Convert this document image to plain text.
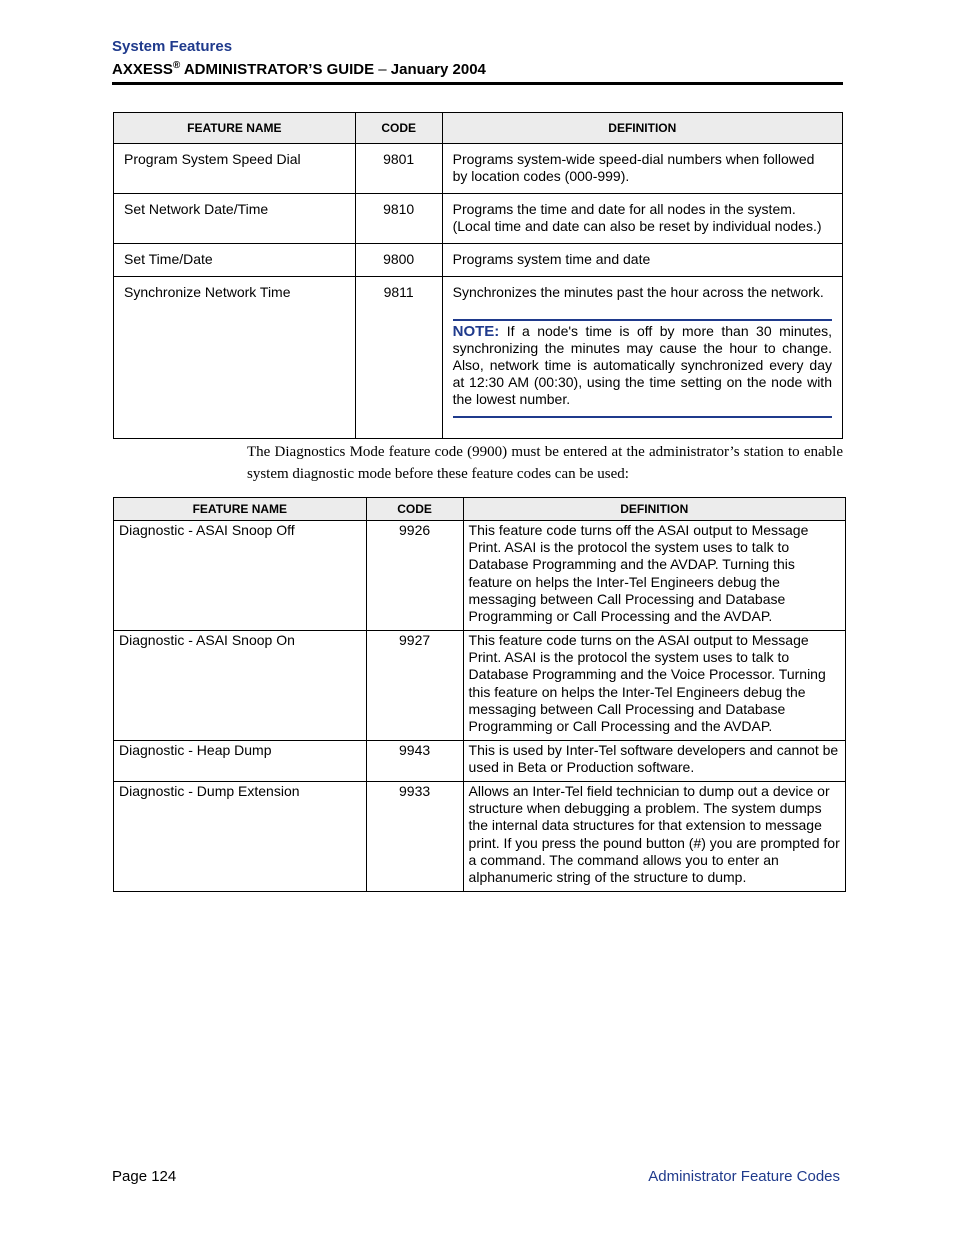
System Features
AXXESS® ADMINISTRATOR’S GUIDE – January 2004
FEATURE NAME	CODE	DEFINITION
Program System Speed Dial	9801	Programs system-wide speed-dial numbers when followed by location codes (000-999).
Set Network Date/Time	9810	Programs the time and date for all nodes in the system. (Local time and date can also be reset by individual nodes.)
Set Time/Date	9800	Programs system time and date
Synchronize Network Time	9811	Synchronizes the minutes past the hour across the network.
NOTE: If a node's time is off by more than 30 minutes, synchronizing the minutes may cause the hour to change. Also, network time is automatically synchronized every day at 12:30 AM (00:30), using the time setting on the node with the lowest number.
The Diagnostics Mode feature code (9900) must be entered at the administrator’s station to enable system diagnostic mode before these feature codes can be used:
FEATURE NAME	CODE	DEFINITION
Diagnostic - ASAI Snoop Off	9926	This feature code turns off the ASAI output to Message Print. ASAI is the protocol the system uses to talk to Database Programming and the AVDAP. Turning this feature on helps the Inter-Tel Engineers debug the messaging between Call Processing and Database Programming or Call Processing and the AVDAP.
Diagnostic - ASAI Snoop On	9927	This feature code turns on the ASAI output to Message Print. ASAI is the protocol the system uses to talk to Database Programming and the Voice Processor. Turning this feature on helps the Inter-Tel Engineers debug the messaging between Call Processing and Database Programming or Call Processing and the AVDAP.
Diagnostic - Heap Dump	9943	This is used by Inter-Tel software developers and cannot be used in Beta or Production software.
Diagnostic - Dump Extension	9933	Allows an Inter-Tel field technician to dump out a device or structure when debugging a problem. The system dumps the internal data structures for that extension to message print. If you press the pound button (#) you are prompted for a command. The command allows you to enter an alphanumeric string of the structure to dump.
Page 124	Administrator Feature Codes
